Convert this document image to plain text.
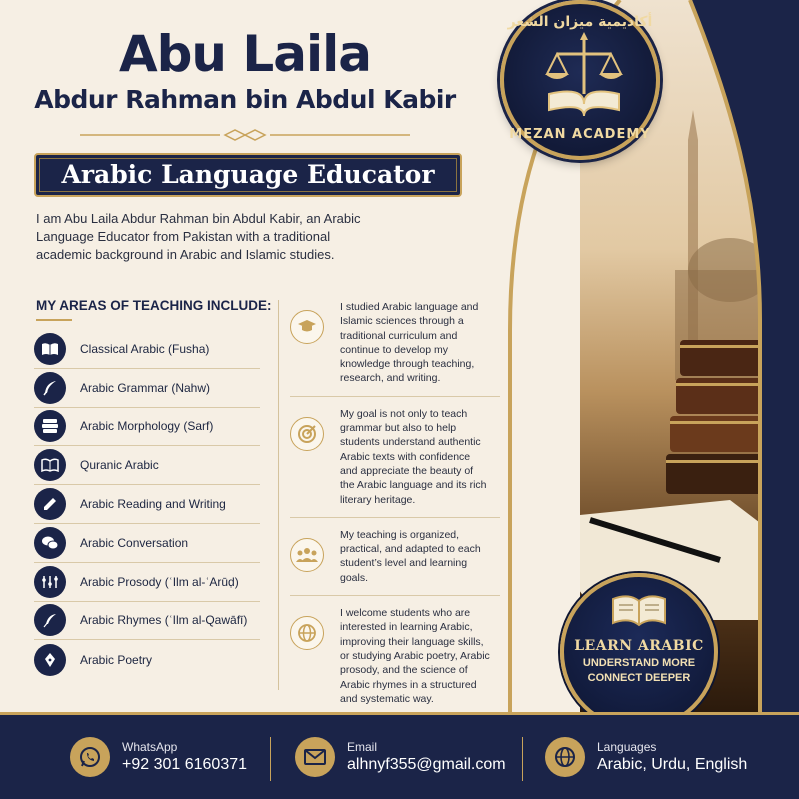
أكاديمية ميزان الشعر
MEZAN ACADEMY
LEARN ARABIC
UNDERSTAND MORE
CONNECT DEEPER
Abu Laila
Abdur Rahman bin Abdul Kabir
Arabic Language Educator

I am Abu Laila Abdur Rahman bin Abdul Kabir, an Arabic Language Educator from Pakistan with a traditional academic background in Arabic and Islamic studies.

MY AREAS OF TEACHING INCLUDE:
Classical Arabic (Fusha)
Arabic Grammar (Nahw)
Arabic Morphology (Sarf)
Quranic Arabic
Arabic Reading and Writing
Arabic Conversation
Arabic Prosody (ʿIlm al-ʿArūḍ)
Arabic Rhymes (ʿIlm al-Qawāfī)
Arabic Poetry

I studied Arabic language and Islamic sciences through a traditional curriculum and continue to develop my knowledge through teaching, research, and writing.

My goal is not only to teach grammar but also to help students understand authentic Arabic texts with confidence and appreciate the beauty of the Arabic language and its rich literary heritage.

My teaching is organized, practical, and adapted to each student’s level and learning goals.

I welcome students who are interested in learning Arabic, improving their language skills, or studying Arabic poetry, Arabic prosody, and the science of Arabic rhymes in a structured and systematic way.

WhatsApp
+92 301 6160371
Email
alhnyf355@gmail.com
Languages
Arabic, Urdu, English
